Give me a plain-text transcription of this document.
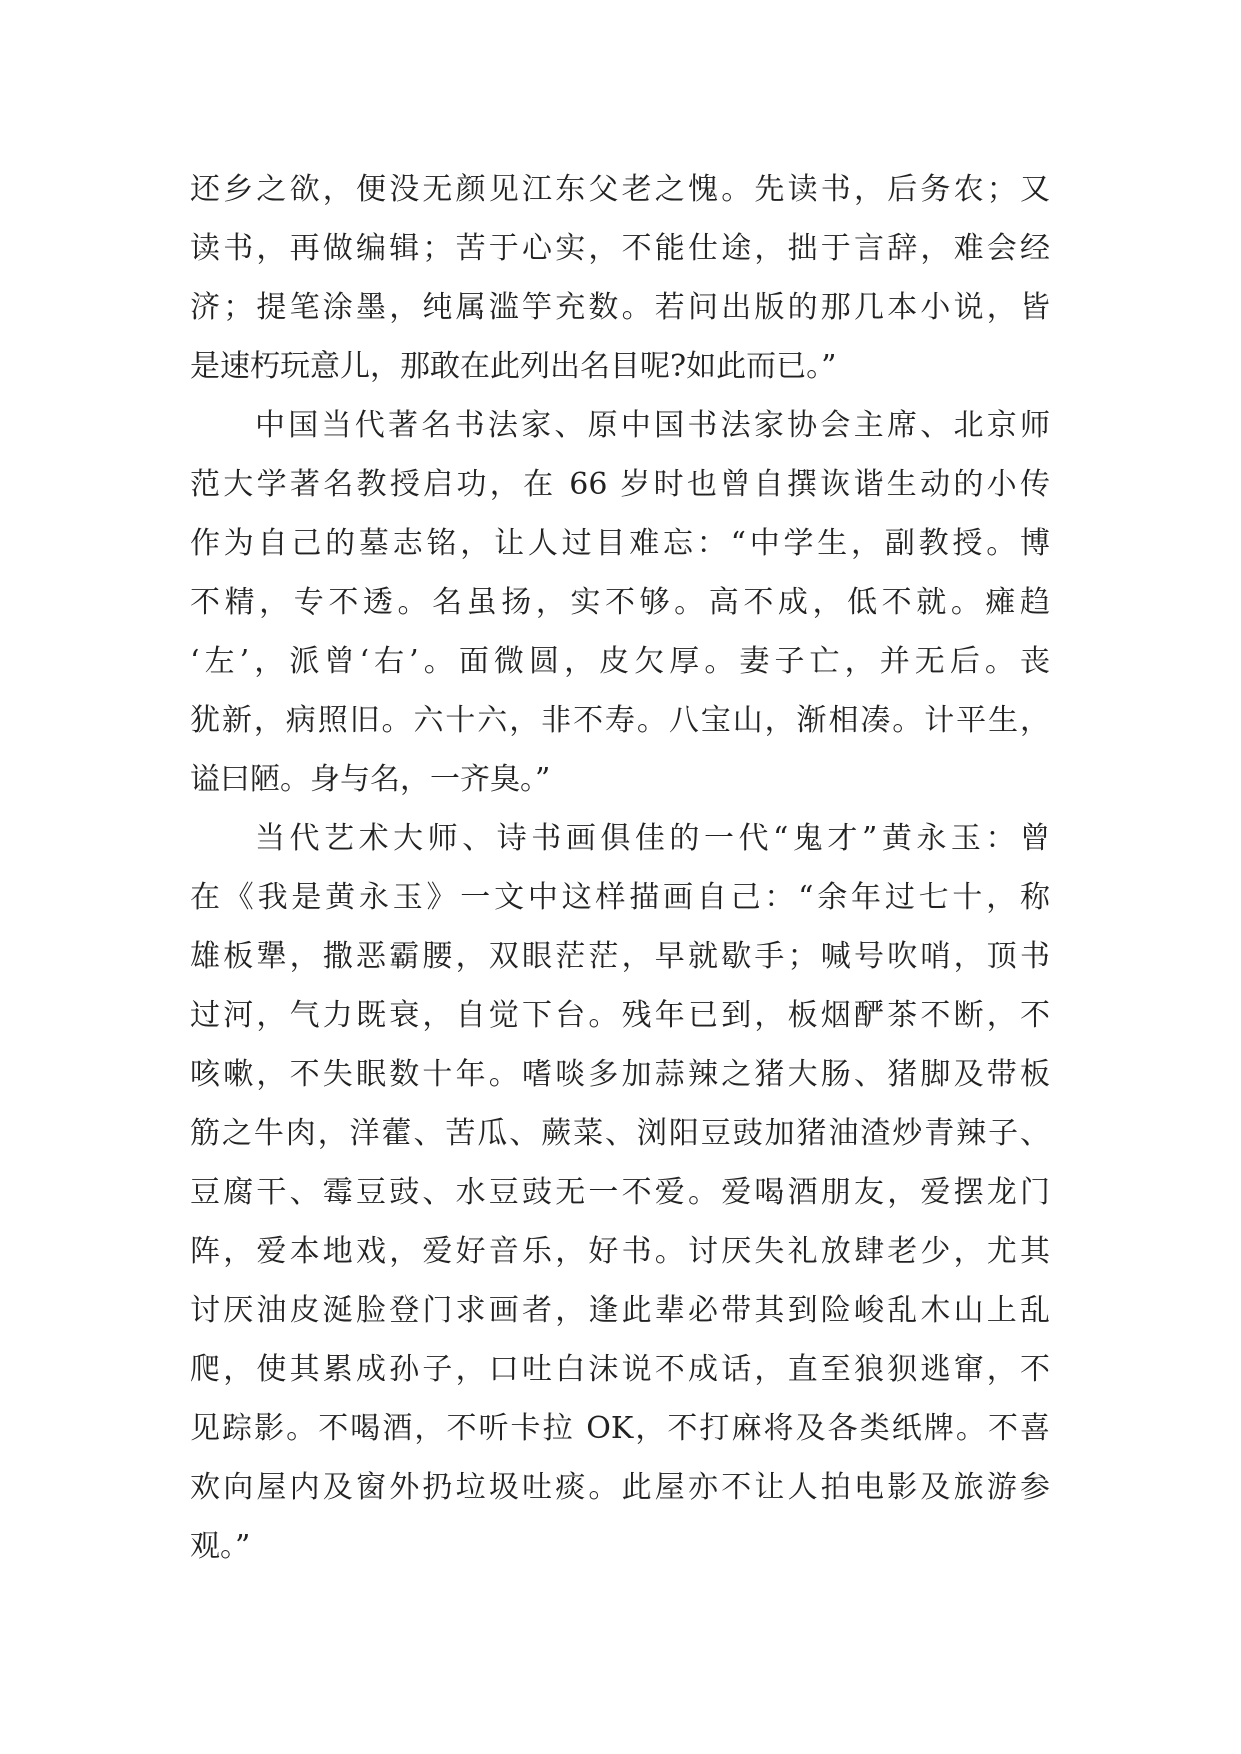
还乡之欲，便没无颜见江东父老之愧。先读书，后务农；又
读书，再做编辑；苦于心实，不能仕途，拙于言辞，难会经
济；提笔涂墨，纯属滥竽充数。若问出版的那几本小说，皆
是速朽玩意儿，那敢在此列出名目呢?如此而已。”
中国当代著名书法家、原中国书法家协会主席、北京师
范大学著名教授启功，在 66 岁时也曾自撰诙谐生动的小传
作为自己的墓志铭，让人过目难忘：“中学生，副教授。博
不精，专不透。名虽扬，实不够。高不成，低不就。瘫趋
‘左’，派曾‘右’。面微圆，皮欠厚。妻子亡，并无后。丧
犹新，病照旧。六十六，非不寿。八宝山，渐相凑。计平生，
谥曰陋。身与名，一齐臭。”
当代艺术大师、诗书画俱佳的一代“鬼才”黄永玉：曾
在《我是黄永玉》一文中这样描画自己：“余年过七十，称
雄板犟，撒恶霸腰，双眼茫茫，早就歇手；喊号吹哨，顶书
过河，气力既衰，自觉下台。残年已到，板烟酽茶不断，不
咳嗽，不失眠数十年。嗜啖多加蒜辣之猪大肠、猪脚及带板
筋之牛肉，洋藿、苦瓜、蕨菜、浏阳豆豉加猪油渣炒青辣子、
豆腐干、霉豆豉、水豆豉无一不爱。爱喝酒朋友，爱摆龙门
阵，爱本地戏，爱好音乐，好书。讨厌失礼放肆老少，尤其
讨厌油皮涎脸登门求画者，逢此辈必带其到险峻乱木山上乱
爬，使其累成孙子，口吐白沫说不成话，直至狼狈逃窜，不
见踪影。不喝酒，不听卡拉 OK，不打麻将及各类纸牌。不喜
欢向屋内及窗外扔垃圾吐痰。此屋亦不让人拍电影及旅游参
观。”
